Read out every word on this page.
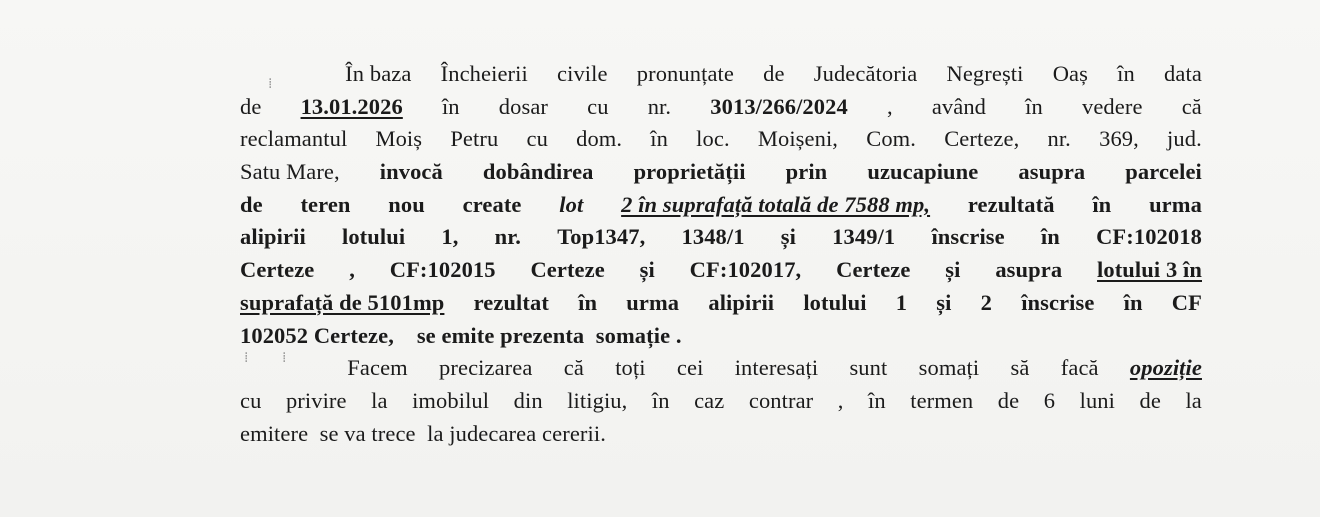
⁞
⁞ ⁞
În baza Încheierii civile pronunțate de Judecătoria Negrești Oaș în data
de 13.01.2026 în dosar cu nr. 3013/266/2024 , având în vedere că
reclamantul Moiș Petru cu dom. în loc. Moișeni, Com. Certeze, nr. 369, jud.
Satu Mare, invocă dobândirea proprietății prin uzucapiune asupra parcelei
de teren nou create lot 2 în suprafață totală de 7588 mp, rezultată în urma
alipirii lotului 1, nr. Top1347, 1348/1 și 1349/1 înscrise în CF:102018
Certeze , CF:102015 Certeze și CF:102017, Certeze și asupra lotului 3 în
suprafață de 5101mp rezultat în urma alipirii lotului 1 și 2 înscrise în CF
102052 Certeze,    se emite prezenta  somație .
Facem precizarea că toți cei interesați sunt somați să facă opoziție
cu privire la imobilul din litigiu, în caz contrar , în termen de 6 luni de la
emitere  se va trece  la judecarea cererii.
